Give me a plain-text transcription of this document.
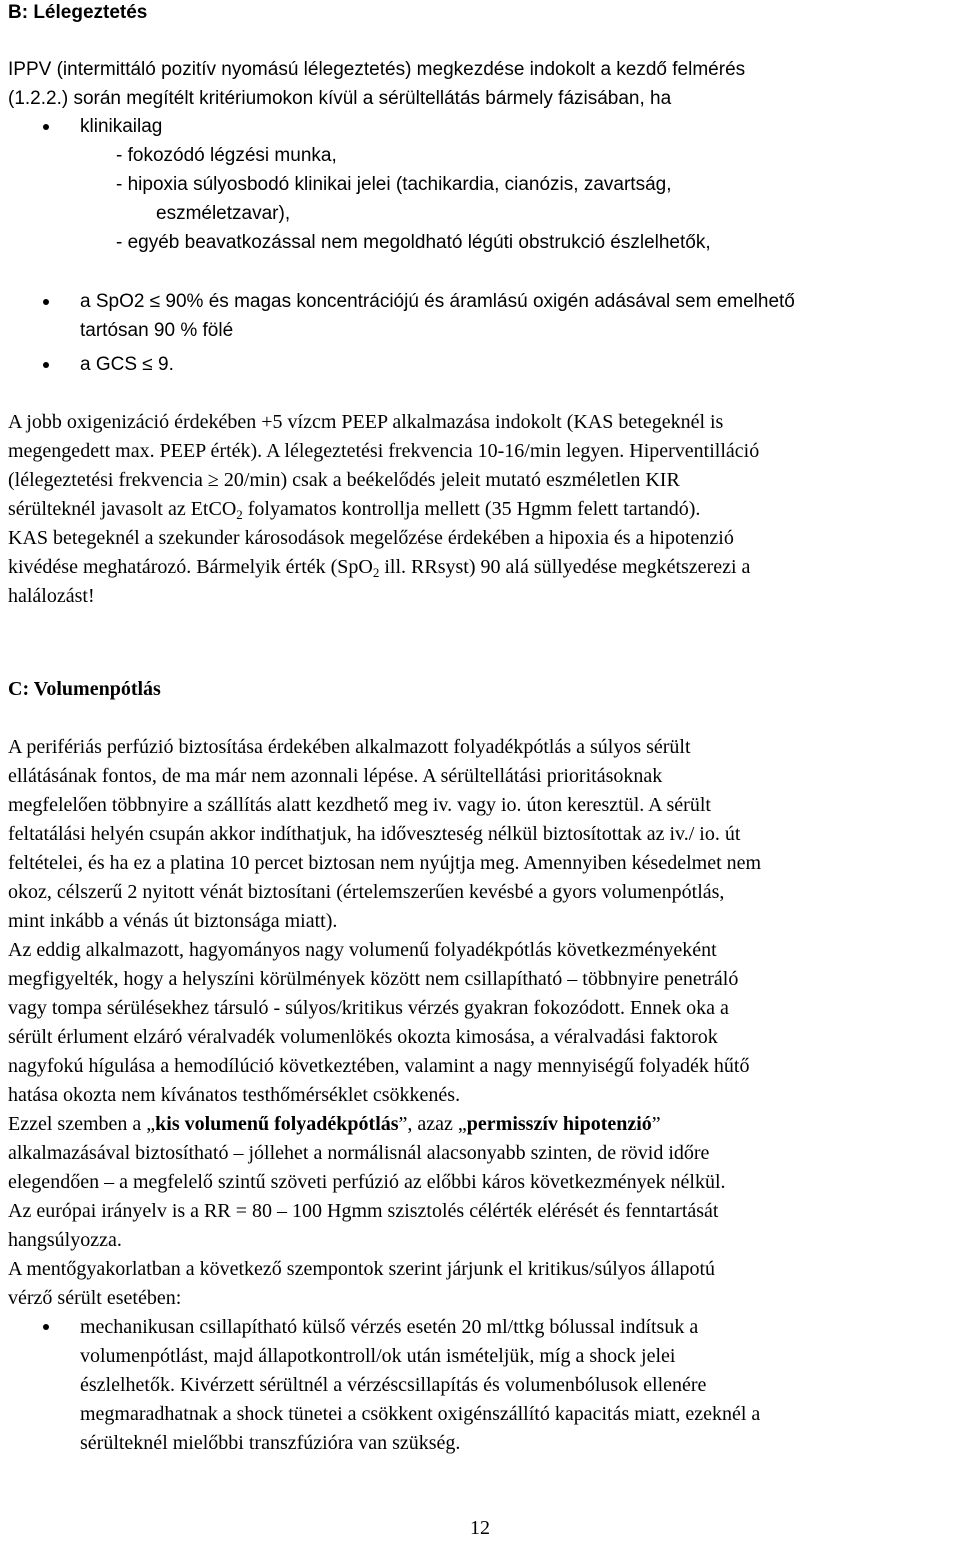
B: Lélegeztetés
IPPV (intermittáló pozitív nyomású lélegeztetés) megkezdése indokolt a kezdő felmérés
(1.2.2.) során megítélt kritériumokon kívül a sérültellátás bármely fázisában, ha
klinikailag
- fokozódó légzési munka,
- hipoxia súlyosbodó klinikai jelei (tachikardia, cianózis, zavartság,
eszméletzavar),
- egyéb beavatkozással nem megoldható légúti obstrukció észlelhetők,
a SpO2 ≤ 90% és magas koncentrációjú és áramlású oxigén adásával sem emelhető
tartósan 90 % fölé
a GCS ≤ 9.
A jobb oxigenizáció érdekében +5 vízcm PEEP alkalmazása indokolt (KAS betegeknél is
megengedett max. PEEP érték). A lélegeztetési frekvencia 10-16/min legyen. Hiperventilláció
(lélegeztetési frekvencia ≥ 20/min) csak a beékelődés jeleit mutató eszméletlen KIR
sérülteknél javasolt az EtCO$_2$ folyamatos kontrollja mellett (35 Hgmm felett tartandó).
KAS betegeknél a szekunder károsodások megelőzése érdekében a hipoxia és a hipotenzió
kivédése meghatározó. Bármelyik érték (SpO$_2$ ill. RRsyst) 90 alá süllyedése megkétszerezi a
halálozást!
C: Volumenpótlás
A perifériás perfúzió biztosítása érdekében alkalmazott folyadékpótlás a súlyos sérült
ellátásának fontos, de ma már nem azonnali lépése. A sérültellátási prioritásoknak
megfelelően többnyire a szállítás alatt kezdhető meg iv. vagy io. úton keresztül. A sérült
feltatálási helyén csupán akkor indíthatjuk, ha időveszteség nélkül biztosítottak az iv./ io. út
feltételei, és ha ez a platina 10 percet biztosan nem nyújtja meg. Amennyiben késedelmet nem
okoz, célszerű 2 nyitott vénát biztosítani (értelemszerűen kevésbé a gyors volumenpótlás,
mint inkább a vénás út biztonsága miatt).
Az eddig alkalmazott, hagyományos nagy volumenű folyadékpótlás következményeként
megfigyelték, hogy a helyszíni körülmények között nem csillapítható – többnyire penetráló
vagy tompa sérülésekhez társuló - súlyos/kritikus vérzés gyakran fokozódott. Ennek oka a
sérült érlument elzáró véralvadék volumenlökés okozta kimosása, a véralvadási faktorok
nagyfokú hígulása a hemodílúció következtében, valamint a nagy mennyiségű folyadék hűtő
hatása okozta nem kívánatos testhőmérséklet csökkenés.
Ezzel szemben a „kis volumenű folyadékpótlás”, azaz „permisszív hipotenzió”
alkalmazásával biztosítható – jóllehet a normálisnál alacsonyabb szinten, de rövid időre
elegendően – a megfelelő szintű szöveti perfúzió az előbbi káros következmények nélkül.
Az európai irányelv is a RR = 80 – 100 Hgmm szisztolés célérték elérését és fenntartását
hangsúlyozza.
A mentőgyakorlatban a következő szempontok szerint járjunk el kritikus/súlyos állapotú
vérző sérült esetében:
mechanikusan csillapítható külső vérzés esetén 20 ml/ttkg bólussal indítsuk a
volumenpótlást, majd állapotkontroll/ok után ismételjük, míg a shock jelei
észlelhetők. Kivérzett sérültnél a vérzéscsillapítás és volumenbólusok ellenére
megmaradhatnak a shock tünetei a csökkent oxigénszállító kapacitás miatt, ezeknél a
sérülteknél mielőbbi transzfúzióra van szükség.
12
